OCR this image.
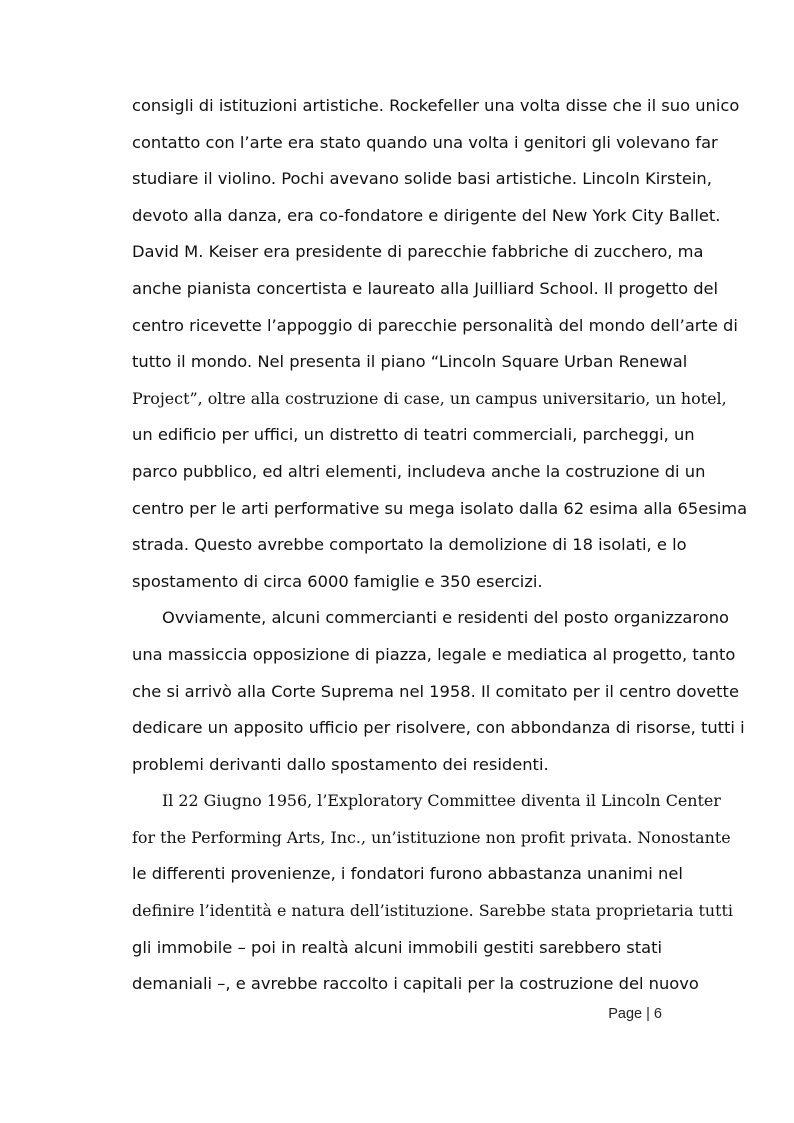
consigli di istituzioni artistiche. Rockefeller una volta disse che il suo unico
contatto con l’arte era stato quando una volta i genitori gli volevano far
studiare il violino. Pochi avevano solide basi artistiche. Lincoln Kirstein,
devoto alla danza, era co-fondatore e dirigente del New York City Ballet.
David M. Keiser era presidente di parecchie fabbriche di zucchero, ma
anche pianista concertista e laureato alla Juilliard School. Il progetto del
centro ricevette l’appoggio di parecchie personalità del mondo dell’arte di
tutto il mondo. Nel presenta il piano “Lincoln Square Urban Renewal
Project”, oltre alla costruzione di case, un campus universitario, un hotel,
un edificio per uffici, un distretto di teatri commerciali, parcheggi, un
parco pubblico, ed altri elementi, includeva anche la costruzione di un
centro per le arti performative su mega isolato dalla 62 esima alla 65esima
strada. Questo avrebbe comportato la demolizione di 18 isolati, e lo
spostamento di circa 6000 famiglie e 350 esercizi.
Ovviamente, alcuni commercianti e residenti del posto organizzarono
una massiccia opposizione di piazza, legale e mediatica al progetto, tanto
che si arrivò alla Corte Suprema nel 1958. Il comitato per il centro dovette
dedicare un apposito ufficio per risolvere, con abbondanza di risorse, tutti i
problemi derivanti dallo spostamento dei residenti.
Il 22 Giugno 1956, l’Exploratory Committee diventa il Lincoln Center
for the Performing Arts, Inc., un’istituzione non profit privata. Nonostante
le differenti provenienze, i fondatori furono abbastanza unanimi nel
definire l’identità e natura dell’istituzione. Sarebbe stata proprietaria tutti
gli immobile – poi in realtà alcuni immobili gestiti sarebbero stati
demaniali –, e avrebbe raccolto i capitali per la costruzione del nuovo
Page | 6
